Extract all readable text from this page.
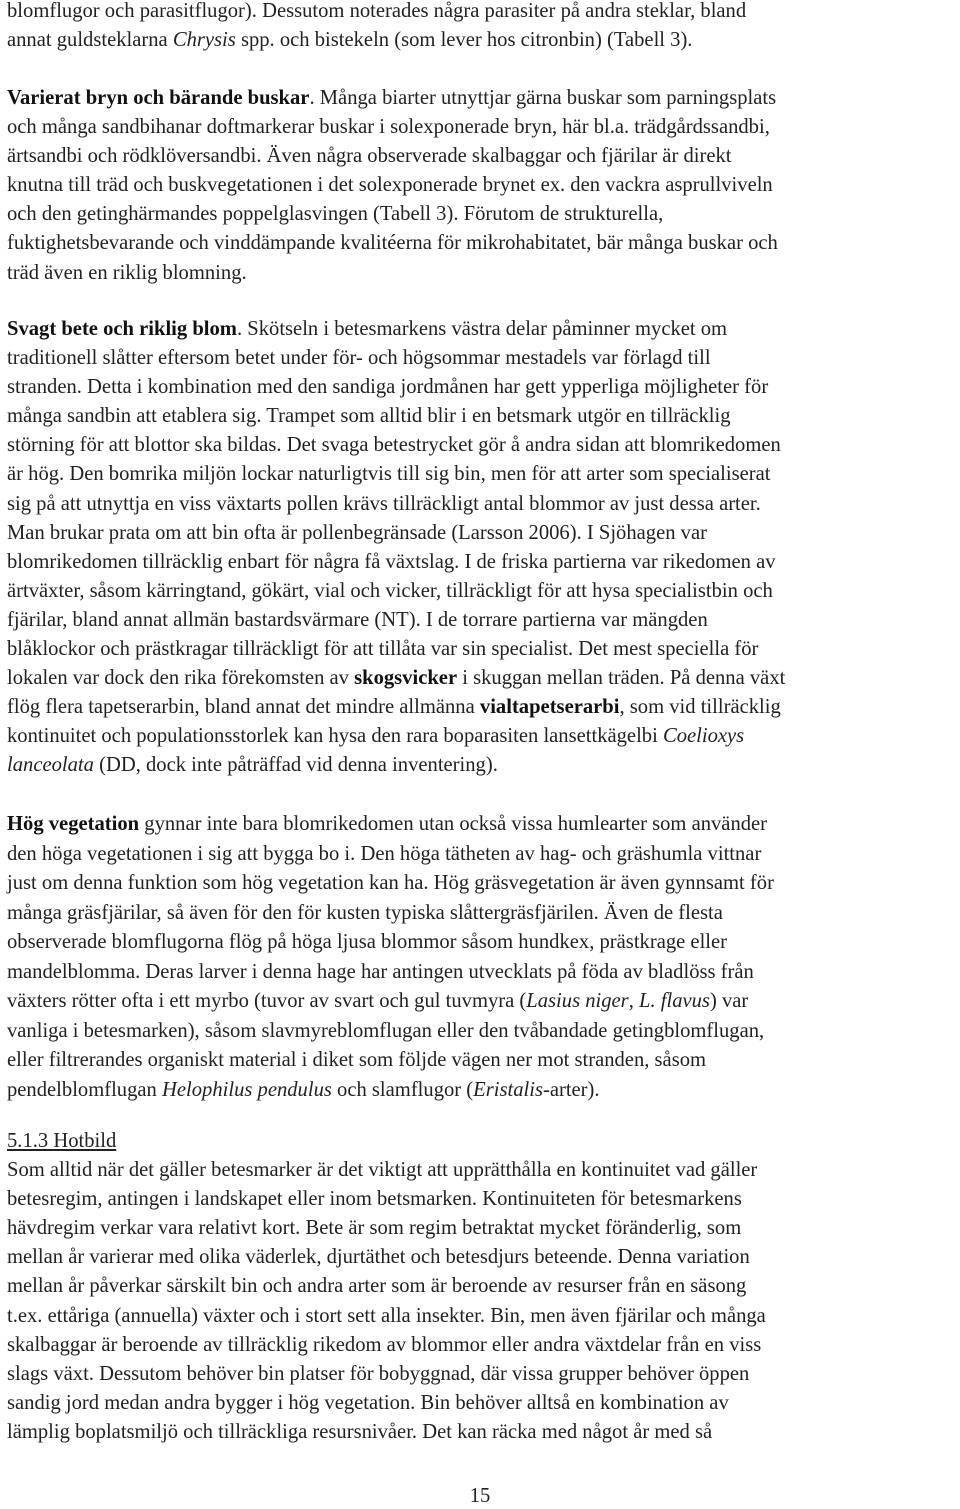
blomflugor och parasitflugor). Dessutom noterades några parasiter på andra steklar, bland
annat guldsteklarna Chrysis spp. och bistekeln (som lever hos citronbin) (Tabell 3).
Varierat bryn och bärande buskar. Många biarter utnyttjar gärna buskar som parningsplats
och många sandbihanar doftmarkerar buskar i solexponerade bryn, här bl.a. trädgårdssandbi,
ärtsandbi och rödklöversandbi. Även några observerade skalbaggar och fjärilar är direkt
knutna till träd och buskvegetationen i det solexponerade brynet ex. den vackra asprullviveln
och den getinghärmandes poppelglasvingen (Tabell 3). Förutom de strukturella,
fuktighetsbevarande och vinddämpande kvalitéerna för mikrohabitatet, bär många buskar och
träd även en riklig blomning.
Svagt bete och riklig blom. Skötseln i betesmarkens västra delar påminner mycket om
traditionell slåtter eftersom betet under för- och högsommar mestadels var förlagd till
stranden. Detta i kombination med den sandiga jordmånen har gett ypperliga möjligheter för
många sandbin att etablera sig. Trampet som alltid blir i en betsmark utgör en tillräcklig
störning för att blottor ska bildas. Det svaga betestrycket gör å andra sidan att blomrikedomen
är hög. Den bomrika miljön lockar naturligtvis till sig bin, men för att arter som specialiserat
sig på att utnyttja en viss växtarts pollen krävs tillräckligt antal blommor av just dessa arter.
Man brukar prata om att bin ofta är pollenbegränsade (Larsson 2006). I Sjöhagen var
blomrikedomen tillräcklig enbart för några få växtslag. I de friska partierna var rikedomen av
ärtväxter, såsom kärringtand, gökärt, vial och vicker, tillräckligt för att hysa specialistbin och
fjärilar, bland annat allmän bastardsvärmare (NT). I de torrare partierna var mängden
blåklockor och prästkragar tillräckligt för att tillåta var sin specialist. Det mest speciella för
lokalen var dock den rika förekomsten av skogsvicker i skuggan mellan träden. På denna växt
flög flera tapetserarbin, bland annat det mindre allmänna vialtapetserarbi, som vid tillräcklig
kontinuitet och populationsstorlek kan hysa den rara boparasiten lansettkägelbi Coelioxys
lanceolata (DD, dock inte påträffad vid denna inventering).
Hög vegetation gynnar inte bara blomrikedomen utan också vissa humlearter som använder
den höga vegetationen i sig att bygga bo i. Den höga tätheten av hag- och gräshumla vittnar
just om denna funktion som hög vegetation kan ha. Hög gräsvegetation är även gynnsamt för
många gräsfjärilar, så även för den för kusten typiska slåttergräsfjärilen. Även de flesta
observerade blomflugorna flög på höga ljusa blommor såsom hundkex, prästkrage eller
mandelblomma. Deras larver i denna hage har antingen utvecklats på föda av bladlöss från
växters rötter ofta i ett myrbo (tuvor av svart och gul tuvmyra (Lasius niger, L. flavus) var
vanliga i betesmarken), såsom slavmyreblomflugan eller den tvåbandade getingblomflugan,
eller filtrerandes organiskt material i diket som följde vägen ner mot stranden, såsom
pendelblomflugan Helophilus pendulus och slamflugor (Eristalis-arter).
5.1.3 Hotbild
Som alltid när det gäller betesmarker är det viktigt att upprätthålla en kontinuitet vad gäller
betesregim, antingen i landskapet eller inom betsmarken. Kontinuiteten för betesmarkens
hävdregim verkar vara relativt kort. Bete är som regim betraktat mycket föränderlig, som
mellan år varierar med olika väderlek, djurtäthet och betesdjurs beteende. Denna variation
mellan år påverkar särskilt bin och andra arter som är beroende av resurser från en säsong
t.ex. ettåriga (annuella) växter och i stort sett alla insekter. Bin, men även fjärilar och många
skalbaggar är beroende av tillräcklig rikedom av blommor eller andra växtdelar från en viss
slags växt. Dessutom behöver bin platser för bobyggnad, där vissa grupper behöver öppen
sandig jord medan andra bygger i hög vegetation. Bin behöver alltså en kombination av
lämplig boplatsmiljö och tillräckliga resursnivåer. Det kan räcka med något år med så
15
